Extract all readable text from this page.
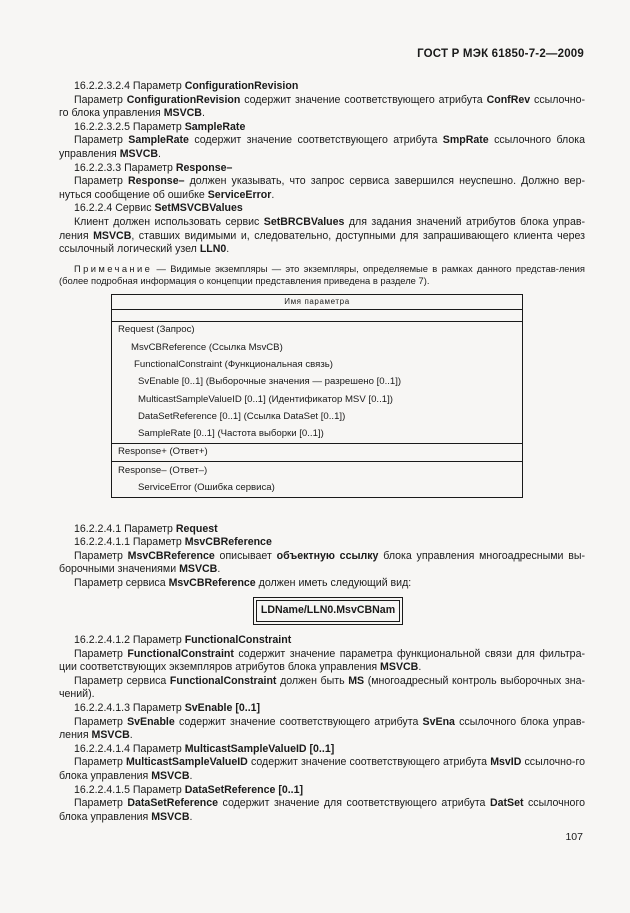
ГОСТ Р МЭК 61850-7-2—2009

16.2.2.3.2.4 Параметр ConfigurationRevision

Параметр ConfigurationRevision содержит значение соответствующего атрибута ConfRev ссылочно-го блока управления MSVCB.

16.2.2.3.2.5 Параметр SampleRate

Параметр SampleRate содержит значение соответствующего атрибута SmpRate ссылочного блока управления MSVCB.

16.2.2.3.3 Параметр Response–

Параметр Response– должен указывать, что запрос сервиса завершился неуспешно. Должно вер-нуться сообщение об ошибке ServiceError.

16.2.2.4 Сервис SetMSVCBValues

Клиент должен использовать сервис SetBRCBValues для задания значений атрибутов блока управ-ления MSVCB, ставших видимыми и, следовательно, доступными для запрашивающего клиента через ссылочный логический узел LLN0.

Примечание — Видимые экземпляры — это экземпляры, определяемые в рамках данного представ-ления (более подробная информация о концепции представления приведена в разделе 7).

Имя параметра

Request (Запрос)
MsvCBReference (Ссылка MsvCB)
FunctionalConstraint (Функциональная связь)
SvEnable [0..1] (Выборочные значения — разрешено [0..1])
MulticastSampleValueID [0..1] (Идентификатор MSV [0..1])
DataSetReference [0..1] (Ссылка DataSet [0..1])
SampleRate [0..1] (Частота выборки [0..1])
Response+ (Ответ+)
Response– (Ответ–)
ServiceError (Ошибка сервиса)

16.2.2.4.1 Параметр Request

16.2.2.4.1.1 Параметр MsvCBReference

Параметр MsvCBReference описывает объектную ссылку блока управления многоадресными вы-борочными значениями MSVCB.

Параметр сервиса MsvCBReference должен иметь следующий вид:

LDName/LLN0.MsvCBNam

16.2.2.4.1.2 Параметр FunctionalConstraint

Параметр FunctionalConstraint содержит значение параметра функциональной связи для фильтра-ции соответствующих экземпляров атрибутов блока управления MSVCB.

Параметр сервиса FunctionalConstraint должен быть MS (многоадресный контроль выборочных зна-чений).

16.2.2.4.1.3 Параметр SvEnable [0..1]

Параметр SvEnable содержит значение соответствующего атрибута SvEna ссылочного блока управ-ления MSVCB.

16.2.2.4.1.4 Параметр MulticastSampleValueID [0..1]

Параметр MulticastSampleValueID содержит значение соответствующего атрибута MsvID ссылочно-го блока управления MSVCB.

16.2.2.4.1.5 Параметр DataSetReference [0..1]

Параметр DataSetReference содержит значение для соответствующего атрибута DatSet ссылочного блока управления MSVCB.

107
